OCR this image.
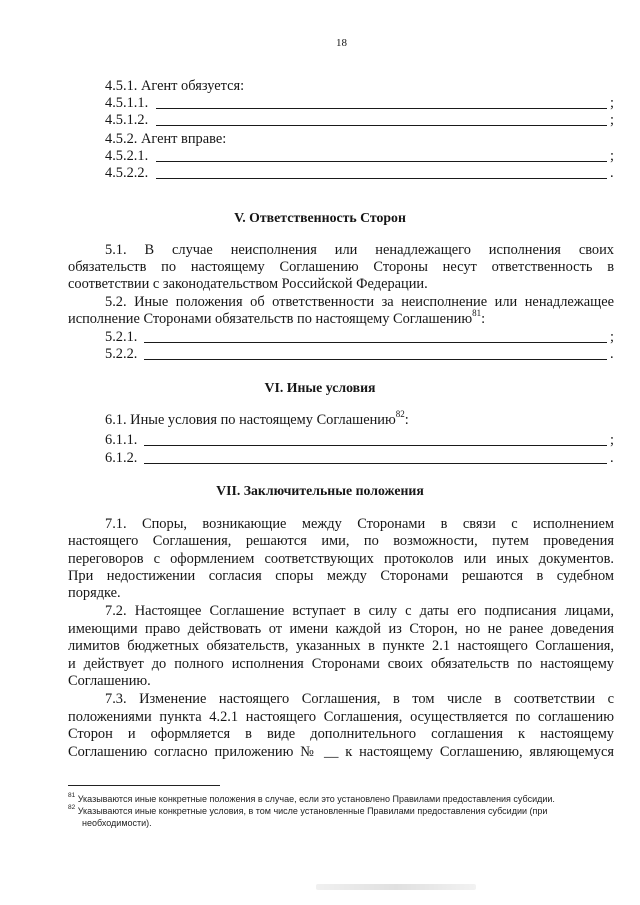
18
4.5.1. Агент обязуется:
4.5.1.1.	;
4.5.1.2.	;
4.5.2. Агент вправе:
4.5.2.1.	;
4.5.2.2.	.
V. Ответственность Сторон
5.1. В случае неисполнения или ненадлежащего исполнения своих
обязательств по настоящему Соглашению Стороны несут ответственность в
соответствии с законодательством Российской Федерации.
5.2. Иные положения об ответственности за неисполнение или ненадлежащее
исполнение Сторонами обязательств по настоящему Соглашению$^{81}$:
5.2.1.	;
5.2.2.	.
VI. Иные условия
6.1. Иные условия по настоящему Соглашению$^{82}$:
6.1.1.	;
6.1.2.	.
VII. Заключительные положения
7.1. Споры, возникающие между Сторонами в связи с исполнением
настоящего Соглашения, решаются ими, по возможности, путем проведения
переговоров с оформлением соответствующих протоколов или иных документов.
При недостижении согласия споры между Сторонами решаются в судебном
порядке.
7.2. Настоящее Соглашение вступает в силу с даты его подписания лицами,
имеющими право действовать от имени каждой из Сторон, но не ранее доведения
лимитов бюджетных обязательств, указанных в пункте 2.1 настоящего Соглашения,
и действует до полного исполнения Сторонами своих обязательств по настоящему
Соглашению.
7.3. Изменение настоящего Соглашения, в том числе в соответствии с
положениями пункта 4.2.1 настоящего Соглашения, осуществляется по соглашению
Сторон и оформляется в виде дополнительного соглашения к настоящему
Соглашению согласно приложению № __ к настоящему Соглашению, являющемуся
$^{81}$ Указываются иные конкретные положения в случае, если это установлено Правилами предоставления субсидии.
$^{82}$ Указываются иные конкретные условия, в том числе установленные Правилами предоставления субсидии (при
необходимости).
